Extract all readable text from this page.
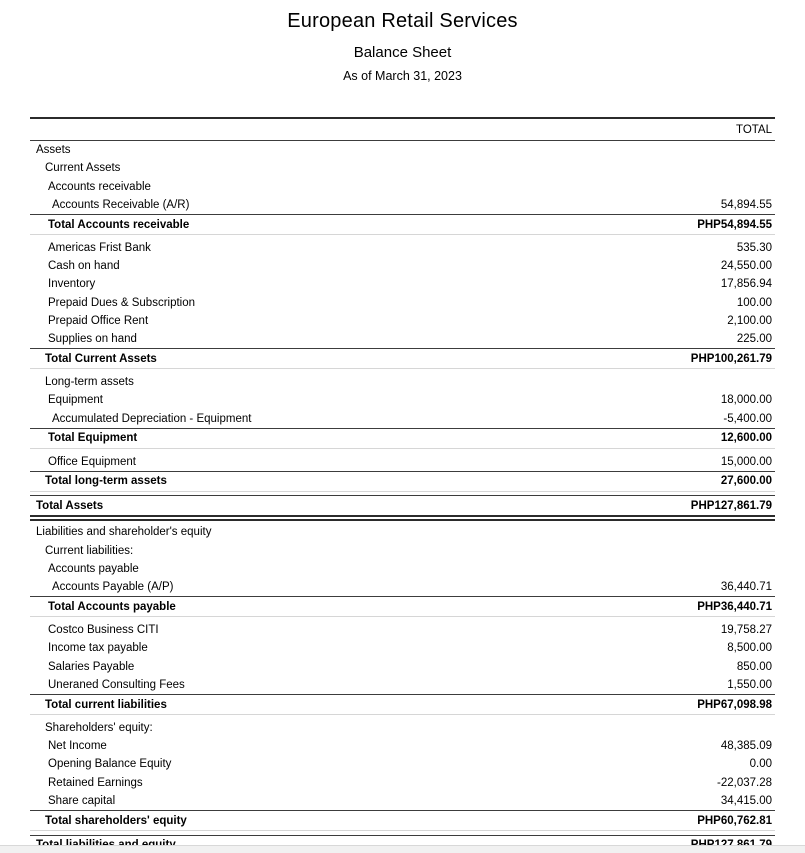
European Retail Services
Balance Sheet
As of March 31, 2023
TOTAL
Assets
Current Assets
Accounts receivable
Accounts Receivable (A/R)	54,894.55
Total Accounts receivable	PHP54,894.55
Americas Frist Bank	535.30
Cash on hand	24,550.00
Inventory	17,856.94
Prepaid Dues & Subscription	100.00
Prepaid Office Rent	2,100.00
Supplies on hand	225.00
Total Current Assets	PHP100,261.79
Long-term assets
Equipment	18,000.00
Accumulated Depreciation - Equipment	-5,400.00
Total Equipment	12,600.00
Office Equipment	15,000.00
Total long-term assets	27,600.00
Total Assets	PHP127,861.79
Liabilities and shareholder's equity
Current liabilities:
Accounts payable
Accounts Payable (A/P)	36,440.71
Total Accounts payable	PHP36,440.71
Costco Business CITI	19,758.27
Income tax payable	8,500.00
Salaries Payable	850.00
Uneraned Consulting Fees	1,550.00
Total current liabilities	PHP67,098.98
Shareholders' equity:
Net Income	48,385.09
Opening Balance Equity	0.00
Retained Earnings	-22,037.28
Share capital	34,415.00
Total shareholders' equity	PHP60,762.81
